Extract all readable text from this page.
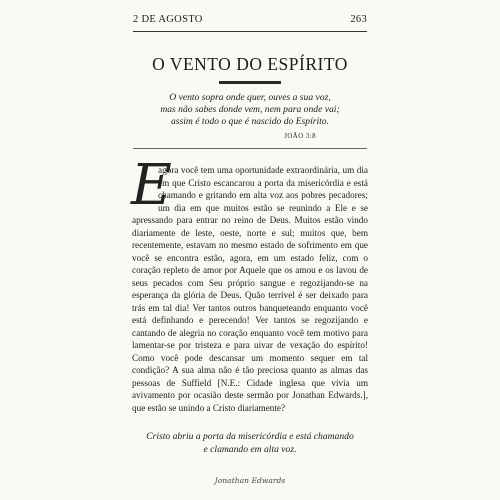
2 DE AGOSTO	263
O VENTO DO ESPÍRITO
O vento sopra onde quer, ouves a sua voz,
mas não sabes donde vem, nem para onde vai;
assim é todo o que é nascido do Espírito.
JOÃO 3:8
E
agora você tem uma oportunidade extraordinária, um dia em que Cristo escancarou a porta da misericórdia e está chamando e gritando em alta voz aos pobres pecadores; um dia em que muitos estão se reunindo a Ele e se apressando para entrar no reino de Deus. Muitos estão vindo diariamente de leste, oeste, norte e sul; muitos que, bem recentemente, estavam no mesmo estado de sofrimento em que você se encontra estão, agora, em um estado feliz, com o coração repleto de amor por Aquele que os amou e os lavou de seus pecados com Seu próprio sangue e regozijando-se na esperança da glória de Deus. Quão terrível é ser deixado para trás em tal dia! Ver tantos outros banqueteando enquanto você está definhando e perecendo! Ver tantos se regozijando e cantando de alegria no coração enquanto você tem motivo para lamentar-se por tristeza e para uivar de vexação do espírito! Como você pode descansar um momento sequer em tal condição? A sua alma não é tão preciosa quanto as almas das pessoas de Suffield [N.E.: Cidade inglesa que vivia um avivamento por ocasião deste sermão por Jonathan Edwards.], que estão se unindo a Cristo diariamente?
Cristo abriu a porta da misericórdia e está chamando
e clamando em alta voz.
Jonathan Edwards
